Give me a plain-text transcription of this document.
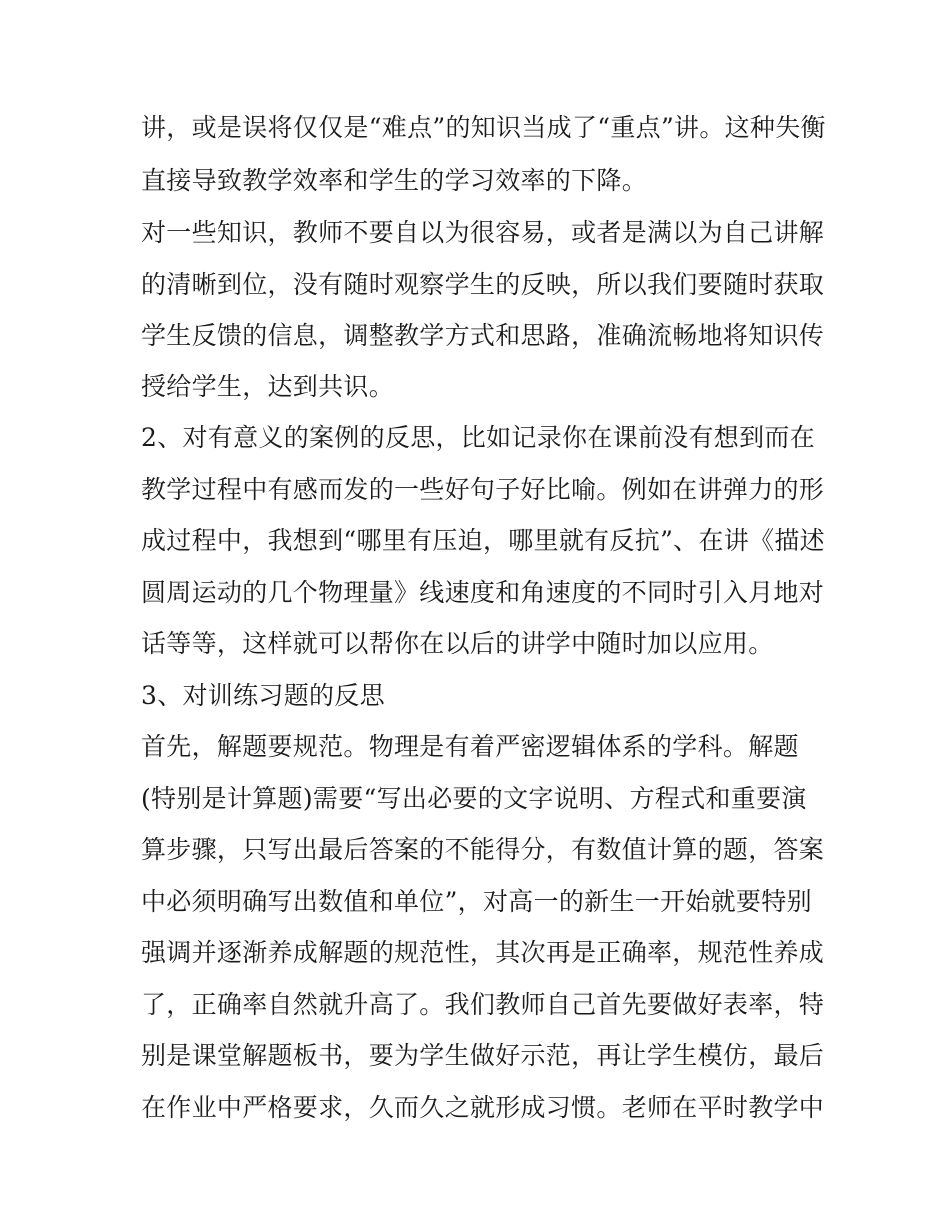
讲，或是误将仅仅是“难点”的知识当成了“重点”讲。这种失衡
直接导致教学效率和学生的学习效率的下降。
对一些知识，教师不要自以为很容易，或者是满以为自己讲解
的清晰到位，没有随时观察学生的反映，所以我们要随时获取
学生反馈的信息，调整教学方式和思路，准确流畅地将知识传
授给学生，达到共识。
2、对有意义的案例的反思，比如记录你在课前没有想到而在
教学过程中有感而发的一些好句子好比喻。例如在讲弹力的形
成过程中，我想到“哪里有压迫，哪里就有反抗”、在讲《描述
圆周运动的几个物理量》线速度和角速度的不同时引入月地对
话等等，这样就可以帮你在以后的讲学中随时加以应用。
3、对训练习题的反思
首先，解题要规范。物理是有着严密逻辑体系的学科。解题
(特别是计算题)需要“写出必要的文字说明、方程式和重要演
算步骤，只写出最后答案的不能得分，有数值计算的题，答案
中必须明确写出数值和单位”，对高一的新生一开始就要特别
强调并逐渐养成解题的规范性，其次再是正确率，规范性养成
了，正确率自然就升高了。我们教师自己首先要做好表率，特
别是课堂解题板书，要为学生做好示范，再让学生模仿，最后
在作业中严格要求，久而久之就形成习惯。老师在平时教学中
